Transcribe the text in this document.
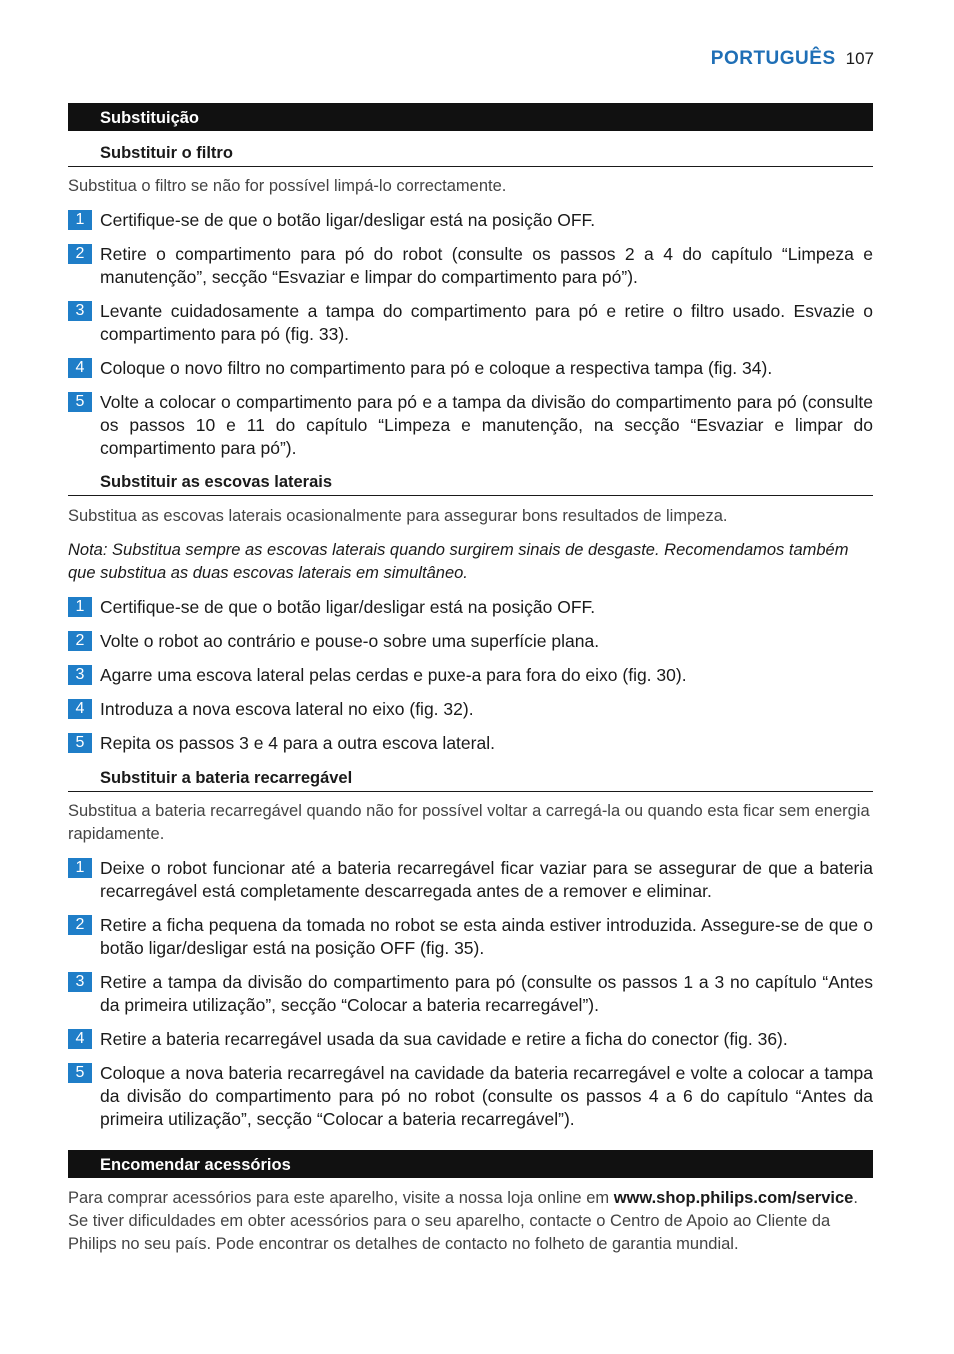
PORTUGUÊS 107
Substituição
Substituir o filtro
Substitua o filtro se não for possível limpá-lo correctamente.
1 Certifique-se de que o botão ligar/desligar está na posição OFF.
2 Retire o compartimento para pó do robot (consulte os passos 2 a 4 do capítulo “Limpeza e manutenção”, secção “Esvaziar e limpar do compartimento para pó”).
3 Levante cuidadosamente a tampa do compartimento para pó e retire o filtro usado. Esvazie o compartimento para pó (fig. 33).
4 Coloque o novo filtro no compartimento para pó e coloque a respectiva tampa (fig. 34).
5 Volte a colocar o compartimento para pó e a tampa da divisão do compartimento para pó (consulte os passos 10 e 11 do capítulo “Limpeza e manutenção, na secção “Esvaziar e limpar do compartimento para pó”).
Substituir as escovas laterais
Substitua as escovas laterais ocasionalmente para assegurar bons resultados de limpeza.
Nota: Substitua sempre as escovas laterais quando surgirem sinais de desgaste. Recomendamos também que substitua as duas escovas laterais em simultâneo.
1 Certifique-se de que o botão ligar/desligar está na posição OFF.
2 Volte o robot ao contrário e pouse-o sobre uma superfície plana.
3 Agarre uma escova lateral pelas cerdas e puxe-a para fora do eixo (fig. 30).
4 Introduza a nova escova lateral no eixo (fig. 32).
5 Repita os passos 3 e 4 para a outra escova lateral.
Substituir a bateria recarregável
Substitua a bateria recarregável quando não for possível voltar a carregá-la ou quando esta ficar sem energia rapidamente.
1 Deixe o robot funcionar até a bateria recarregável ficar vaziar para se assegurar de que a bateria recarregável está completamente descarregada antes de a remover e eliminar.
2 Retire a ficha pequena da tomada no robot se esta ainda estiver introduzida. Assegure-se de que o botão ligar/desligar está na posição OFF (fig. 35).
3 Retire a tampa da divisão do compartimento para pó (consulte os passos 1 a 3 no capítulo “Antes da primeira utilização”, secção “Colocar a bateria recarregável”).
4 Retire a bateria recarregável usada da sua cavidade e retire a ficha do conector (fig. 36).
5 Coloque a nova bateria recarregável na cavidade da bateria recarregável e volte a colocar a tampa da divisão do compartimento para pó no robot (consulte os passos 4 a 6 do capítulo “Antes da primeira utilização”, secção “Colocar a bateria recarregável”).
Encomendar acessórios
Para comprar acessórios para este aparelho, visite a nossa loja online em www.shop.philips.com/service. Se tiver dificuldades em obter acessórios para o seu aparelho, contacte o Centro de Apoio ao Cliente da Philips no seu país. Pode encontrar os detalhes de contacto no folheto de garantia mundial.
